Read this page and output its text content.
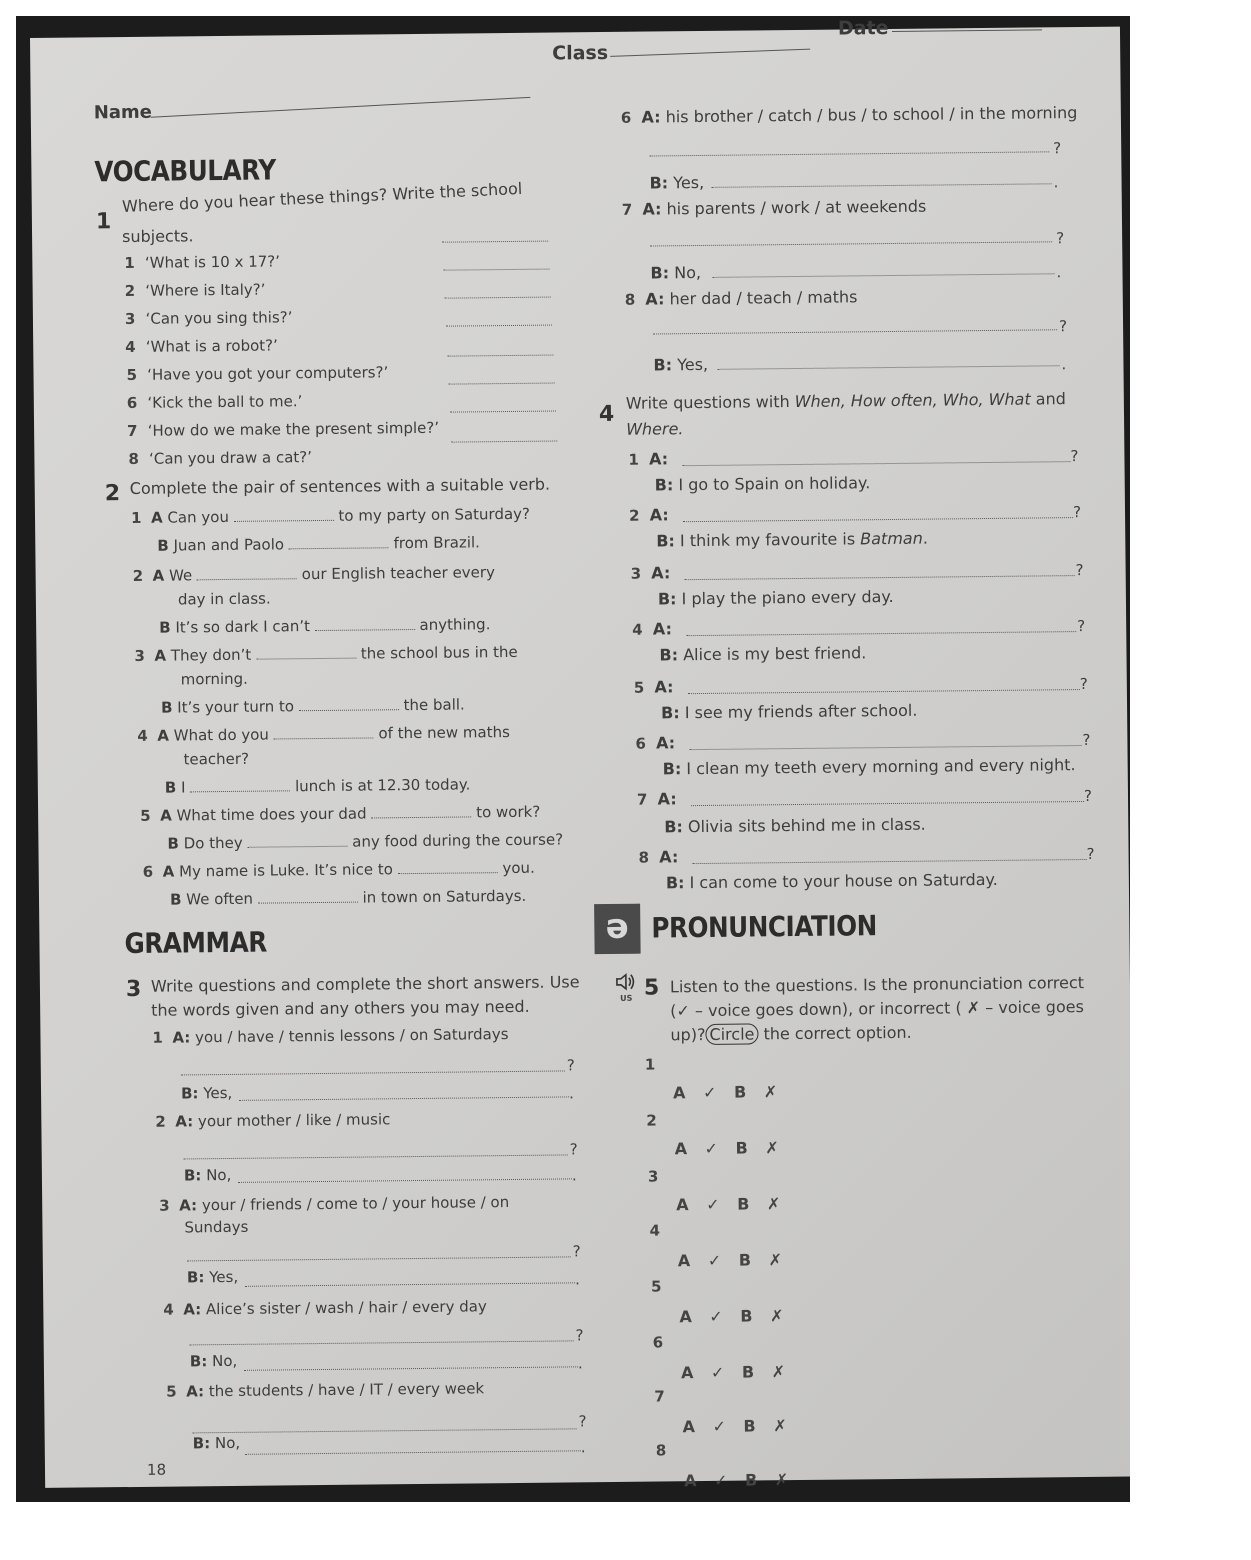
Name
Class
Date
VOCABULARY
1
Where do you hear these things? Write the school
subjects.
1 ‘What is 10 x 17?’
2 ‘Where is Italy?’
3 ‘Can you sing this?’
4 ‘What is a robot?’
5 ‘Have you got your computers?’
6 ‘Kick the ball to me.’
7 ‘How do we make the present simple?’
8 ‘Can you draw a cat?’
2 Complete the pair of sentences with a suitable verb.
1 A Can you	to my party on Saturday?
B Juan and Paolo	from Brazil.
2 A We	our English teacher every
day in class.
B It’s so dark I can’t	anything.
3 A They don’t	the school bus in the
morning.
B It’s your turn to	the ball.
4 A What do you	of the new maths
teacher?
B I	lunch is at 12.30 today.
5 A What time does your dad	to work?
B Do they	any food during the course?
6 A My name is Luke. It’s nice to	you.
B We often	in town on Saturdays.
GRAMMAR
3 Write questions and complete the short answers. Use
the words given and any others you may need.
1 A: you / have / tennis lessons / on Saturdays
?
B: Yes,	.
2 A: your mother / like / music
?
B: No,	.
3 A: your / friends / come to / your house / on
Sundays
?
B: Yes,	.
4 A: Alice’s sister / wash / hair / every day
?
B: No,	.
5 A: the students / have / IT / every week
?
B: No,	.
18
6 A: his brother / catch / bus / to school / in the morning
?
B: Yes,	.
7 A: his parents / work / at weekends
?
B: No,	.
8 A: her dad / teach / maths
?
B: Yes,	.
4 Write questions with When, How often, Who, What and
Where.
1 A:	?
B: I go to Spain on holiday.
2 A:	?
B: I think my favourite is Batman.
3 A:	?
B: I play the piano every day.
4 A:	?
B: Alice is my best friend.
5 A:	?
B: I see my friends after school.
6 A:	?
B: I clean my teeth every morning and every night.
7 A:	?
B: Olivia sits behind me in class.
8 A:	?
B: I can come to your house on Saturday.
ə PRONUNCIATION
US 5 Listen to the questions. Is the pronunciation correct
(✓ – voice goes down), or incorrect ( ✗ – voice goes
up)? Circle the correct option.
1
A ✓ B ✗
2
A ✓ B ✗
3
A ✓ B ✗
4
A ✓ B ✗
5
A ✓ B ✗
6
A ✓ B ✗
7
A ✓ B ✗
8
A ✓ B ✗
